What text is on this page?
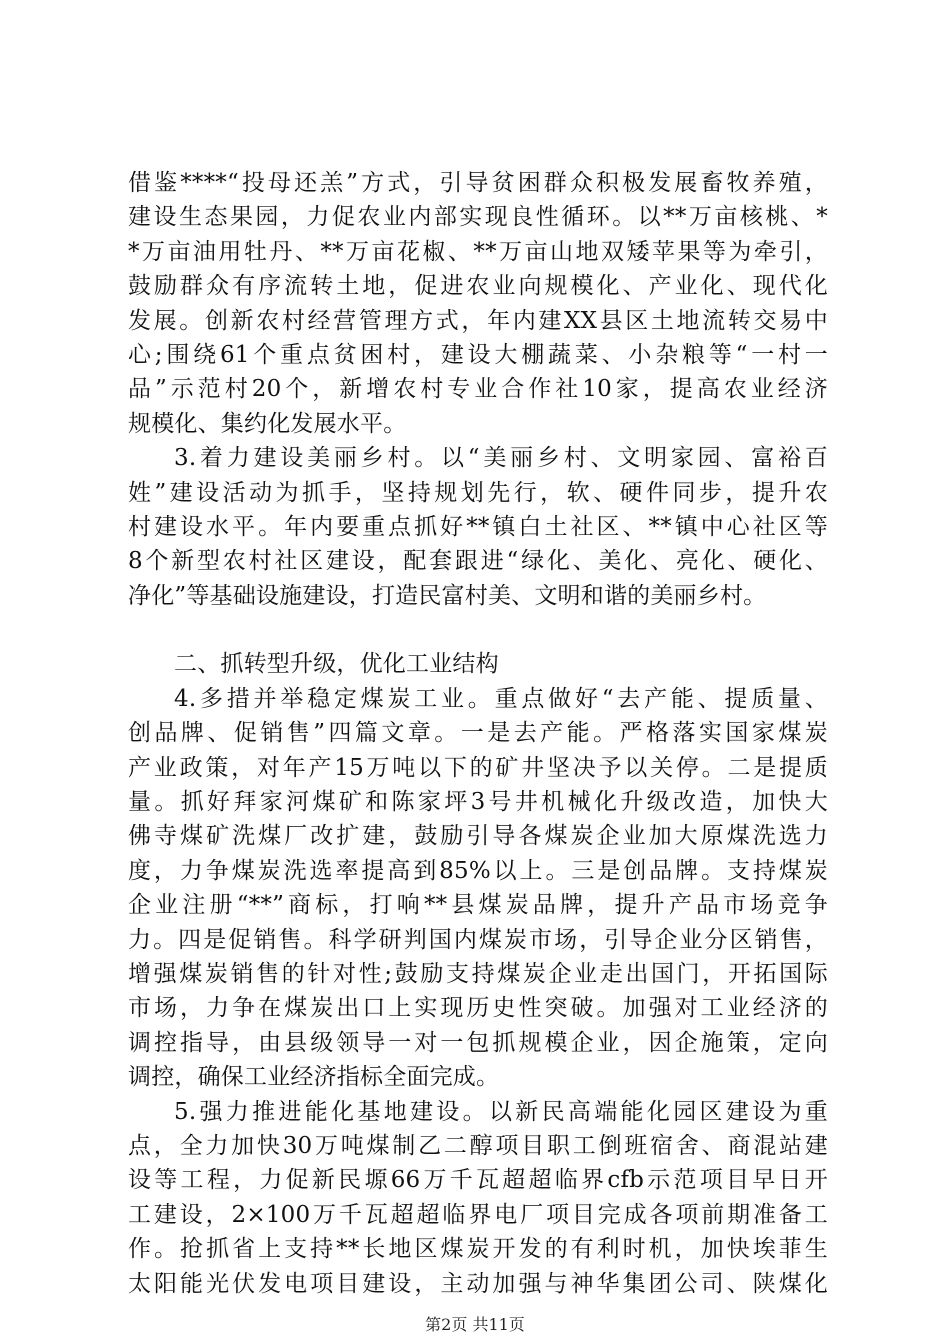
借鉴****“投母还羔”方式，引导贫困群众积极发展畜牧养殖，
建设生态果园，力促农业内部实现良性循环。以**万亩核桃、*
*万亩油用牡丹、**万亩花椒、**万亩山地双矮苹果等为牵引，
鼓励群众有序流转土地，促进农业向规模化、产业化、现代化
发展。创新农村经营管理方式，年内建XX县区土地流转交易中
心;围绕61个重点贫困村，建设大棚蔬菜、小杂粮等“一村一
品”示范村20个，新增农村专业合作社10家，提高农业经济
规模化、集约化发展水平。
3.着力建设美丽乡村。以“美丽乡村、文明家园、富裕百
姓”建设活动为抓手，坚持规划先行，软、硬件同步，提升农
村建设水平。年内要重点抓好**镇白土社区、**镇中心社区等
8个新型农村社区建设，配套跟进“绿化、美化、亮化、硬化、
净化”等基础设施建设，打造民富村美、文明和谐的美丽乡村。
二、抓转型升级，优化工业结构
4.多措并举稳定煤炭工业。重点做好“去产能、提质量、
创品牌、促销售”四篇文章。一是去产能。严格落实国家煤炭
产业政策，对年产15万吨以下的矿井坚决予以关停。二是提质
量。抓好拜家河煤矿和陈家坪3号井机械化升级改造，加快大
佛寺煤矿洗煤厂改扩建，鼓励引导各煤炭企业加大原煤洗选力
度，力争煤炭洗选率提高到85%以上。三是创品牌。支持煤炭
企业注册“**”商标，打响**县煤炭品牌，提升产品市场竞争
力。四是促销售。科学研判国内煤炭市场，引导企业分区销售，
增强煤炭销售的针对性;鼓励支持煤炭企业走出国门，开拓国际
市场，力争在煤炭出口上实现历史性突破。加强对工业经济的
调控指导，由县级领导一对一包抓规模企业，因企施策，定向
调控，确保工业经济指标全面完成。
5.强力推进能化基地建设。以新民高端能化园区建设为重
点，全力加快30万吨煤制乙二醇项目职工倒班宿舍、商混站建
设等工程，力促新民塬66万千瓦超超临界cfb示范项目早日开
工建设，2×100万千瓦超超临界电厂项目完成各项前期准备工
作。抢抓省上支持**长地区煤炭开发的有利时机，加快埃菲生
太阳能光伏发电项目建设，主动加强与神华集团公司、陕煤化
第2页 共11页
